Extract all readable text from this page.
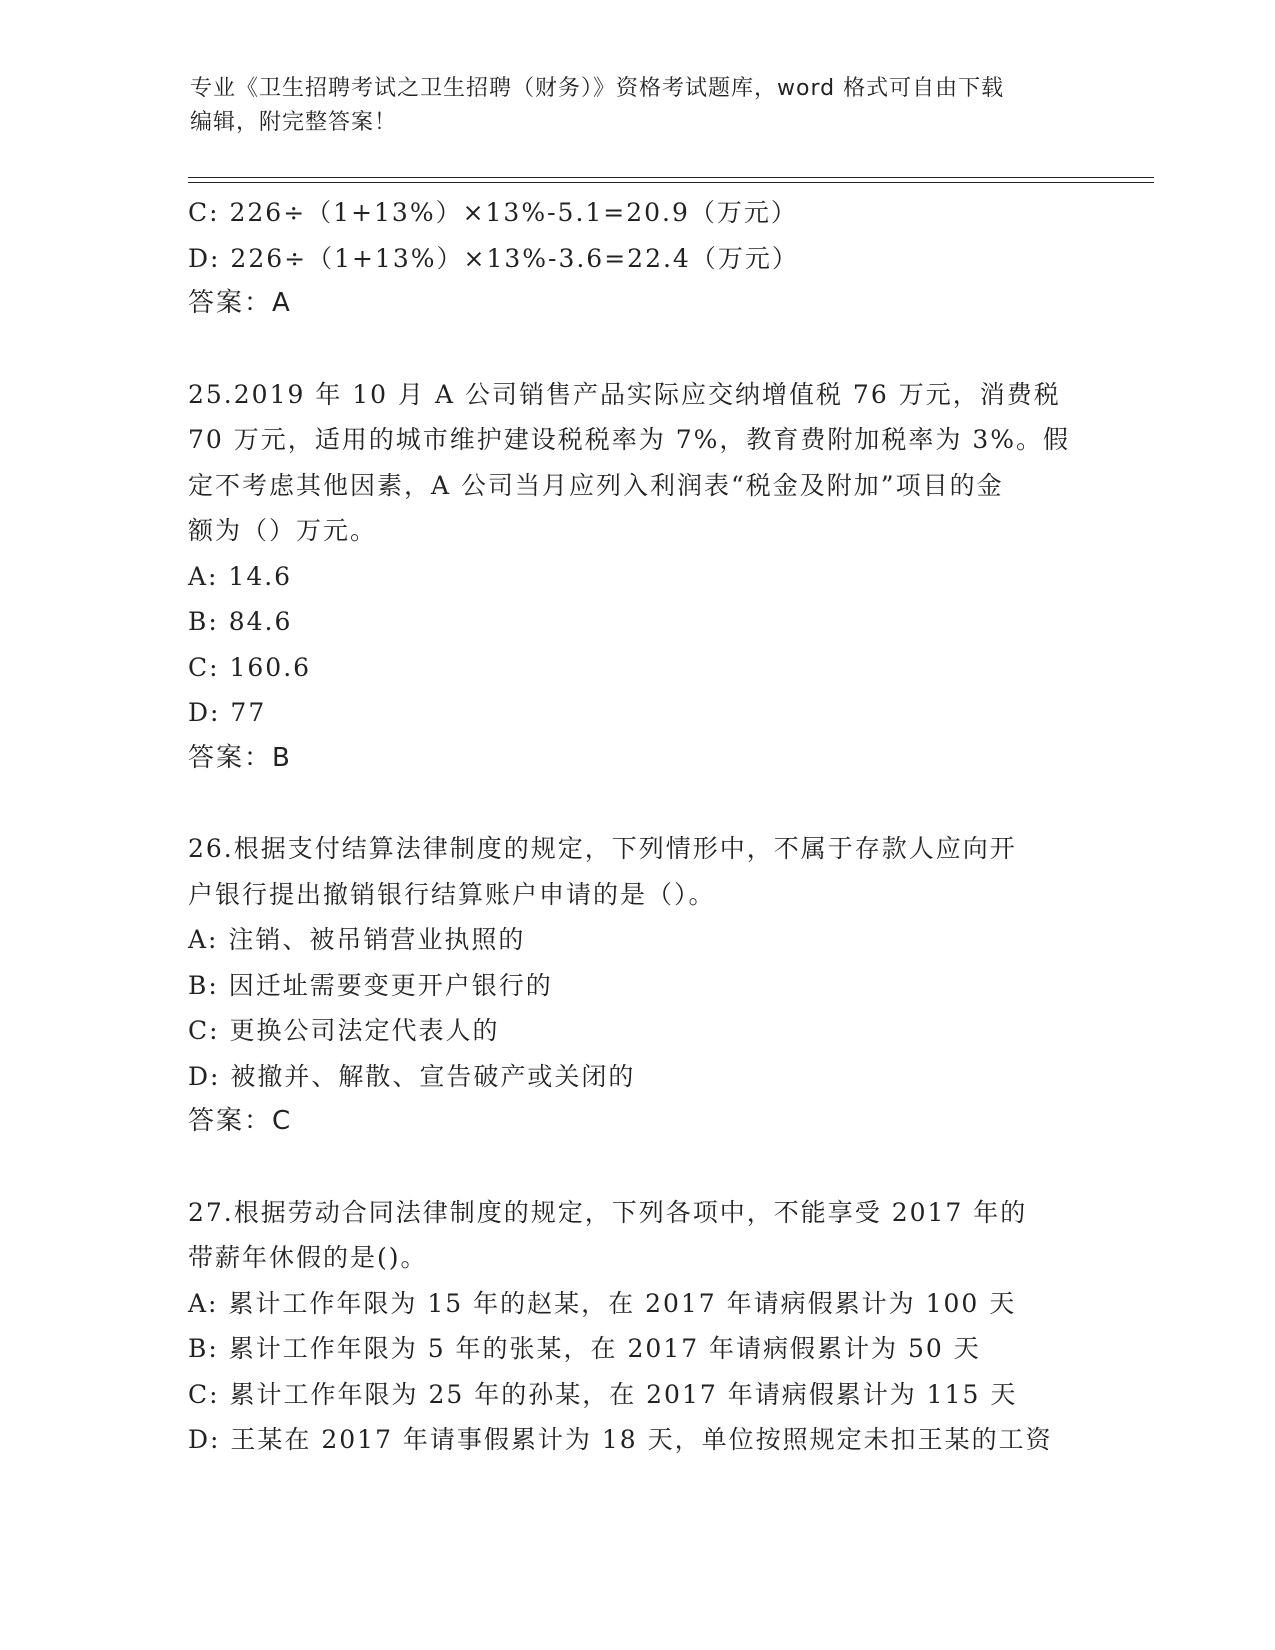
专业《卫生招聘考试之卫生招聘（财务）》资格考试题库，word 格式可自由下载
编辑，附完整答案！
C: 226÷（1+13%）×13%-5.1=20.9（万元）
D: 226÷（1+13%）×13%-3.6=22.4（万元）
答案：A
25.2019 年 10 月 A 公司销售产品实际应交纳增值税 76 万元，消费税
70 万元，适用的城市维护建设税税率为 7%，教育费附加税率为 3%。假
定不考虑其他因素，A 公司当月应列入利润表“税金及附加”项目的金
额为（）万元。
A: 14.6
B: 84.6
C: 160.6
D: 77
答案：B
26.根据支付结算法律制度的规定，下列情形中，不属于存款人应向开
户银行提出撤销银行结算账户申请的是（）。
A: 注销、被吊销营业执照的
B: 因迁址需要变更开户银行的
C: 更换公司法定代表人的
D: 被撤并、解散、宣告破产或关闭的
答案：C
27.根据劳动合同法律制度的规定，下列各项中，不能享受 2017 年的
带薪年休假的是()。
A: 累计工作年限为 15 年的赵某，在 2017 年请病假累计为 100 天
B: 累计工作年限为 5 年的张某，在 2017 年请病假累计为 50 天
C: 累计工作年限为 25 年的孙某，在 2017 年请病假累计为 115 天
D: 王某在 2017 年请事假累计为 18 天，单位按照规定未扣王某的工资
